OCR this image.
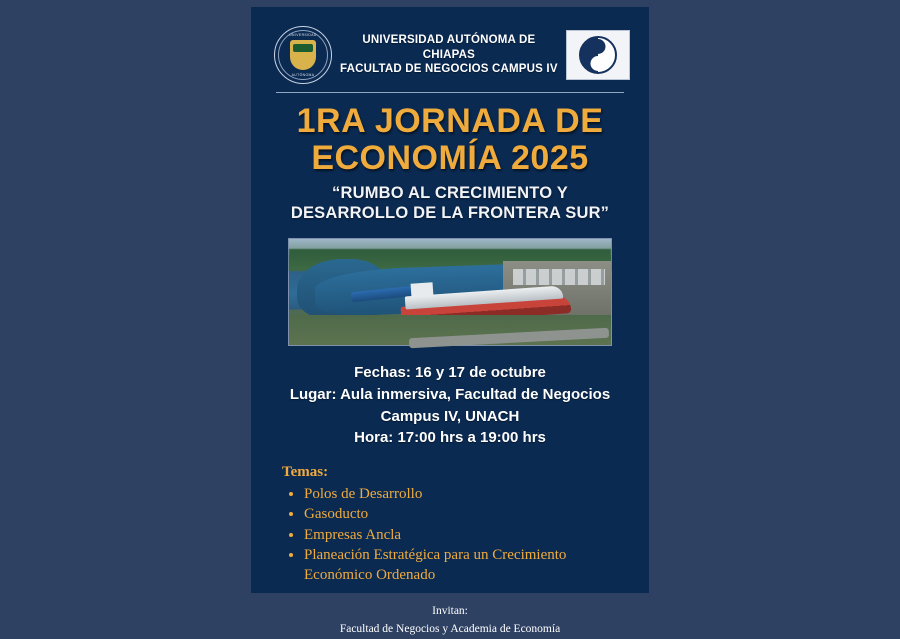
UNIVERSIDAD
AUTÓNOMA
UNIVERSIDAD AUTÓNOMA DE
CHIAPAS
FACULTAD DE NEGOCIOS CAMPUS IV
1RA JORNADA DE
ECONOMÍA 2025
“RUMBO AL CRECIMIENTO Y
DESARROLLO DE LA FRONTERA SUR”
Fechas: 16 y 17 de octubre
Lugar: Aula inmersiva, Facultad de Negocios
Campus IV, UNACH
Hora: 17:00 hrs a 19:00 hrs
Temas:
• Polos de Desarrollo
• Gasoducto
• Empresas Ancla
• Planeación Estratégica para un Crecimiento Económico Ordenado
Invitan:
Facultad de Negocios y Academia de Economía
